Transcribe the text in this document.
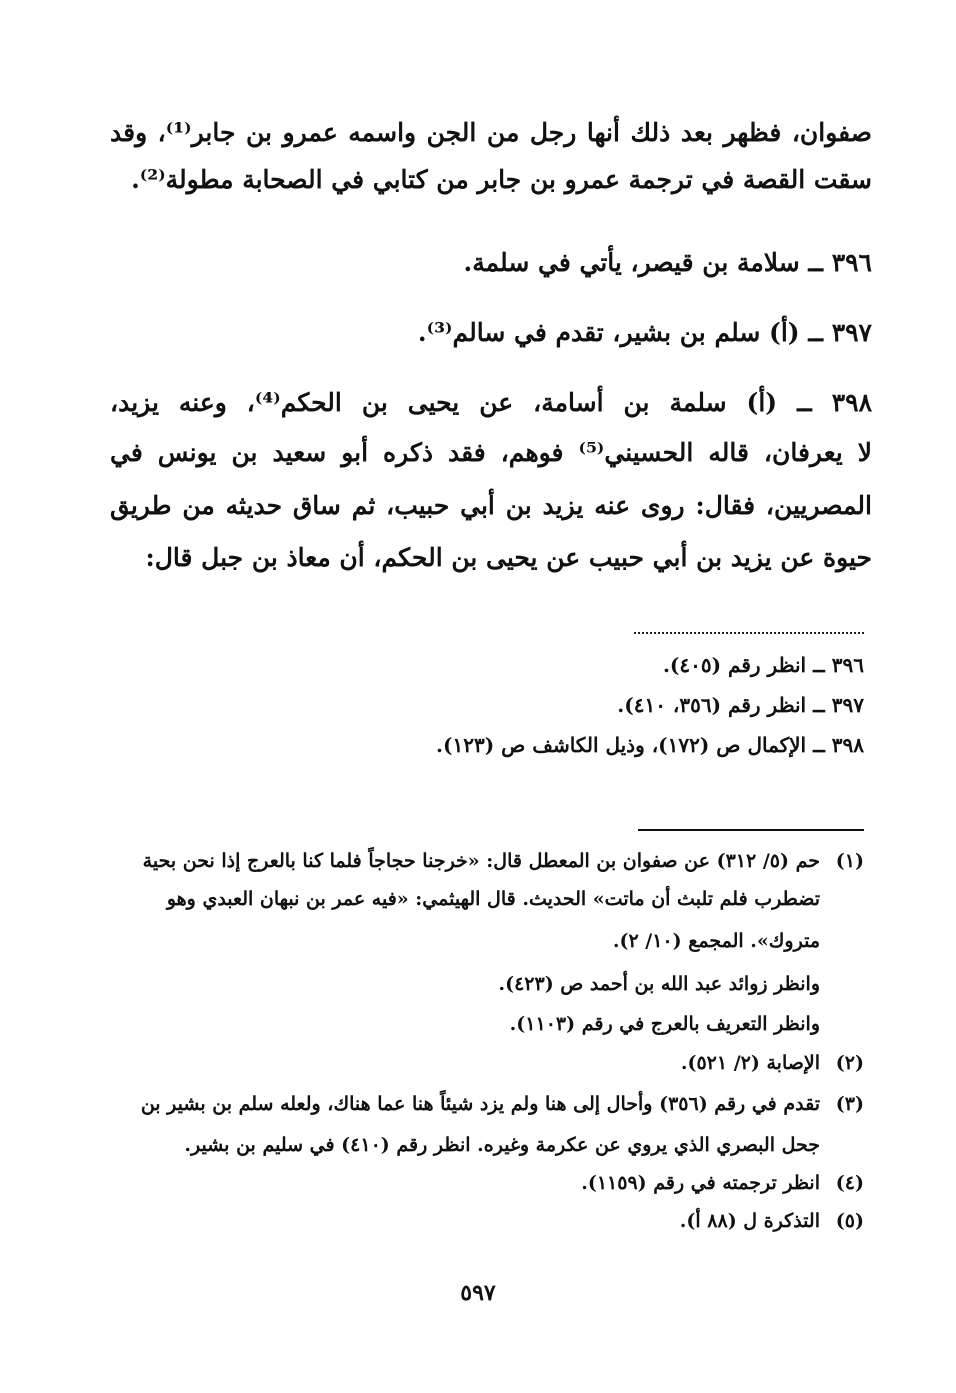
صفوان، فظهر بعد ذلك أنها رجل من الجن واسمه عمرو بن جابر⁽¹⁾، وقد
سقت القصة في ترجمة عمرو بن جابر من كتابي في الصحابة مطولة⁽²⁾.
٣٩٦ ــ سلامة بن قيصر، يأتي في سلمة.
٣٩٧ ــ (أ) سلم بن بشير، تقدم في سالم⁽³⁾.
٣٩٨ ــ (أ) سلمة بن أسامة، عن يحيى بن الحكم⁽⁴⁾، وعنه يزيد،
لا يعرفان، قاله الحسيني⁽⁵⁾ فوهم، فقد ذكره أبو سعيد بن يونس في
المصريين، فقال: روى عنه يزيد بن أبي حبيب، ثم ساق حديثه من طريق
حيوة عن يزيد بن أبي حبيب عن يحيى بن الحكم، أن معاذ بن جبل قال:
٣٩٦ ــ انظر رقم (٤٠٥).
٣٩٧ ــ انظر رقم (٣٥٦، ٤١٠).
٣٩٨ ــ الإكمال ص (١٧٢)، وذيل الكاشف ص (١٢٣).
(١)حم (٥/ ٣١٢) عن صفوان بن المعطل قال: «خرجنا حجاجاً فلما كنا بالعرج إذا نحن بحية
تضطرب فلم تلبث أن ماتت» الحديث. قال الهيثمي: «فيه عمر بن نبهان العبدي وهو
متروك». المجمع (١٠/ ٢).
وانظر زوائد عبد الله بن أحمد ص (٤٢٣).
وانظر التعريف بالعرج في رقم (١١٠٣).
(٢)الإصابة (٢/ ٥٢١).
(٣)تقدم في رقم (٣٥٦) وأحال إلى هنا ولم يزد شيئاً هنا عما هناك، ولعله سلم بن بشير بن
جحل البصري الذي يروي عن عكرمة وغيره. انظر رقم (٤١٠) في سليم بن بشير.
(٤)انظر ترجمته في رقم (١١٥٩).
(٥)التذكرة ل (٨٨ أ).
٥٩٧
